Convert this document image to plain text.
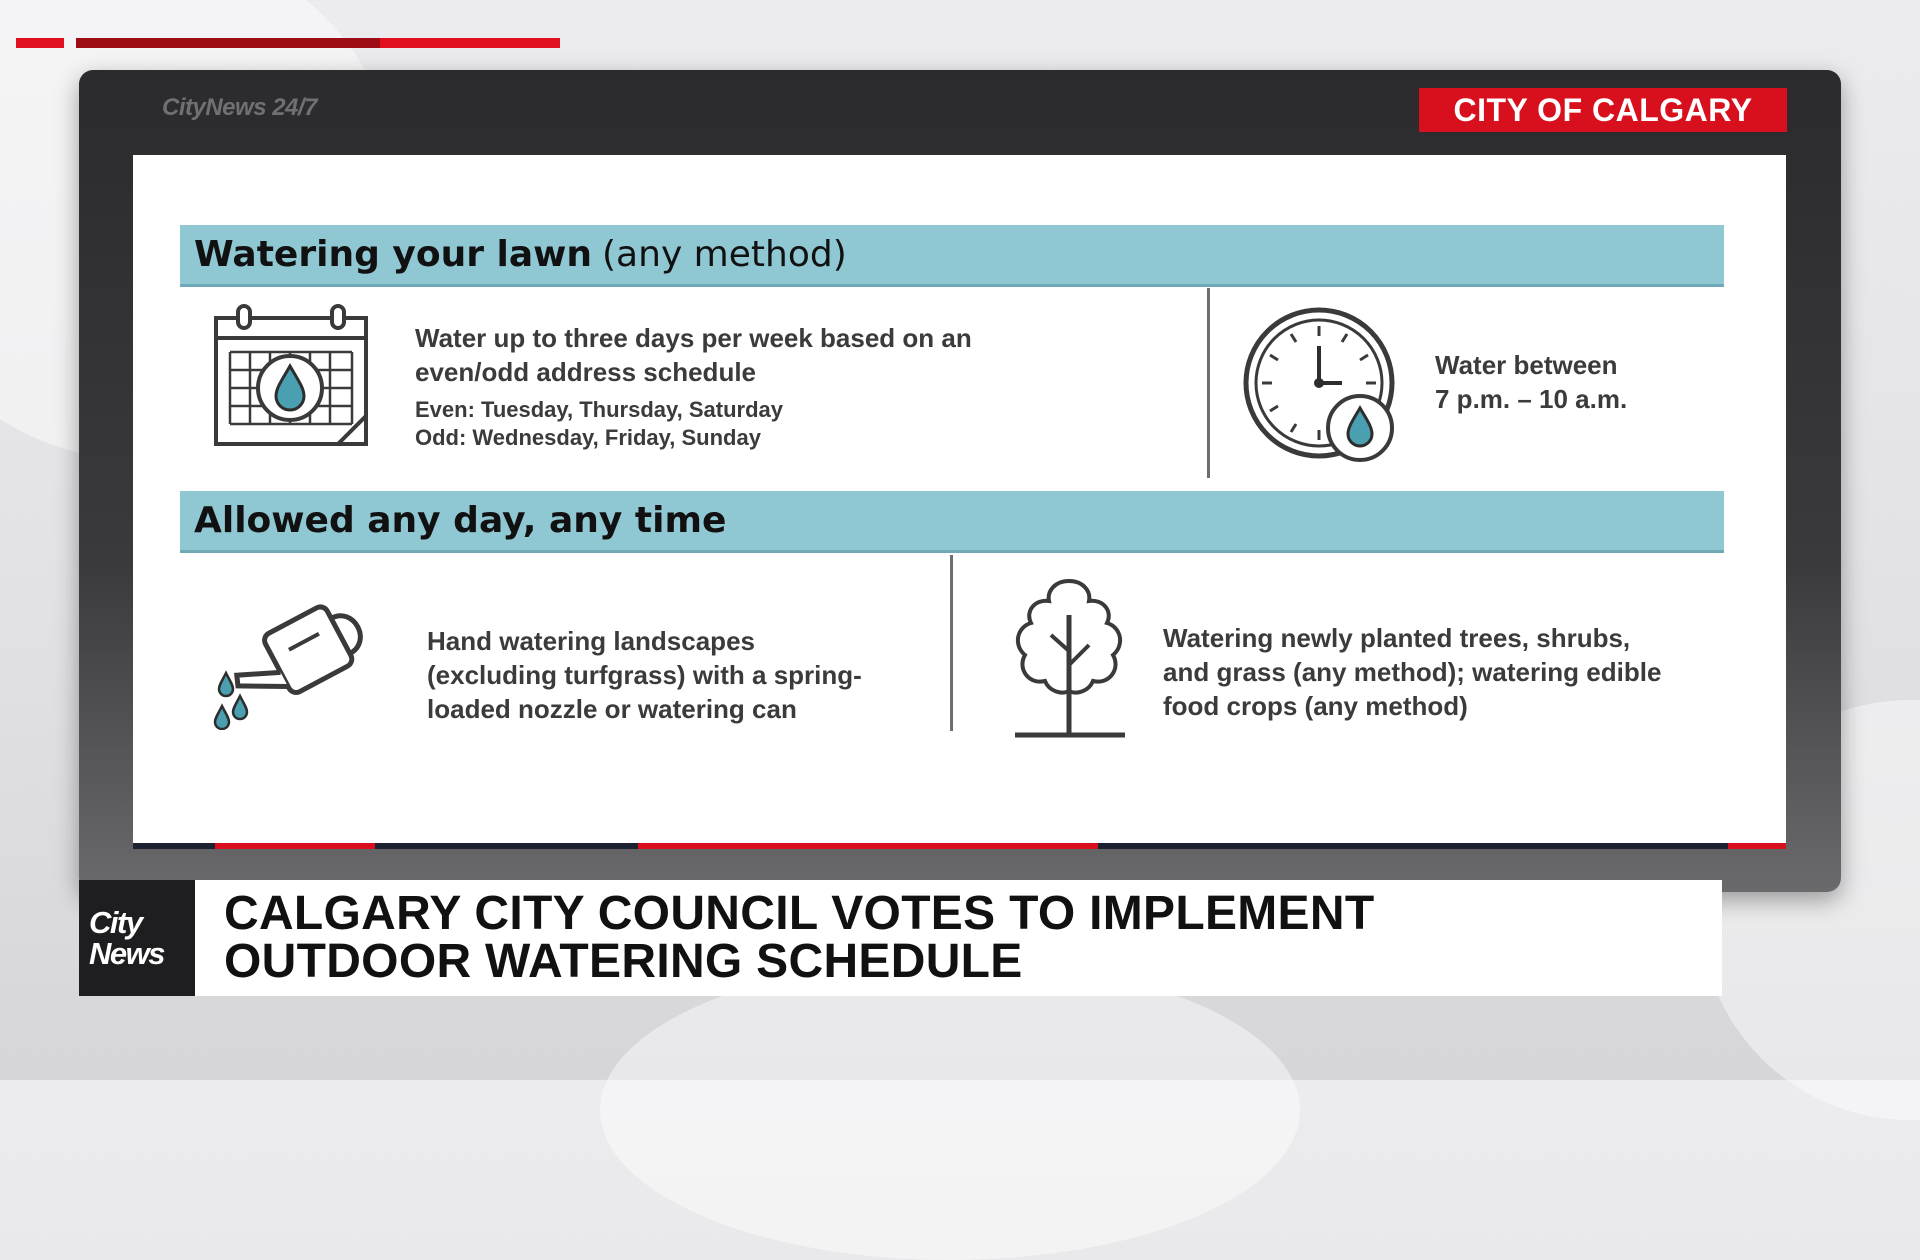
CityNews 24/7	CITY OF CALGARY
Watering your lawn (any method)
Water up to three days per week based on an
even/odd address schedule
Even: Tuesday, Thursday, Saturday
Odd: Wednesday, Friday, Sunday
Water between
7 p.m. – 10 a.m.
Allowed any day, any time
Hand watering landscapes
(excluding turfgrass) with a spring-
loaded nozzle or watering can
Watering newly planted trees, shrubs,
and grass (any method); watering edible
food crops (any method)
City
News
CALGARY CITY COUNCIL VOTES TO IMPLEMENT
OUTDOOR WATERING SCHEDULE
